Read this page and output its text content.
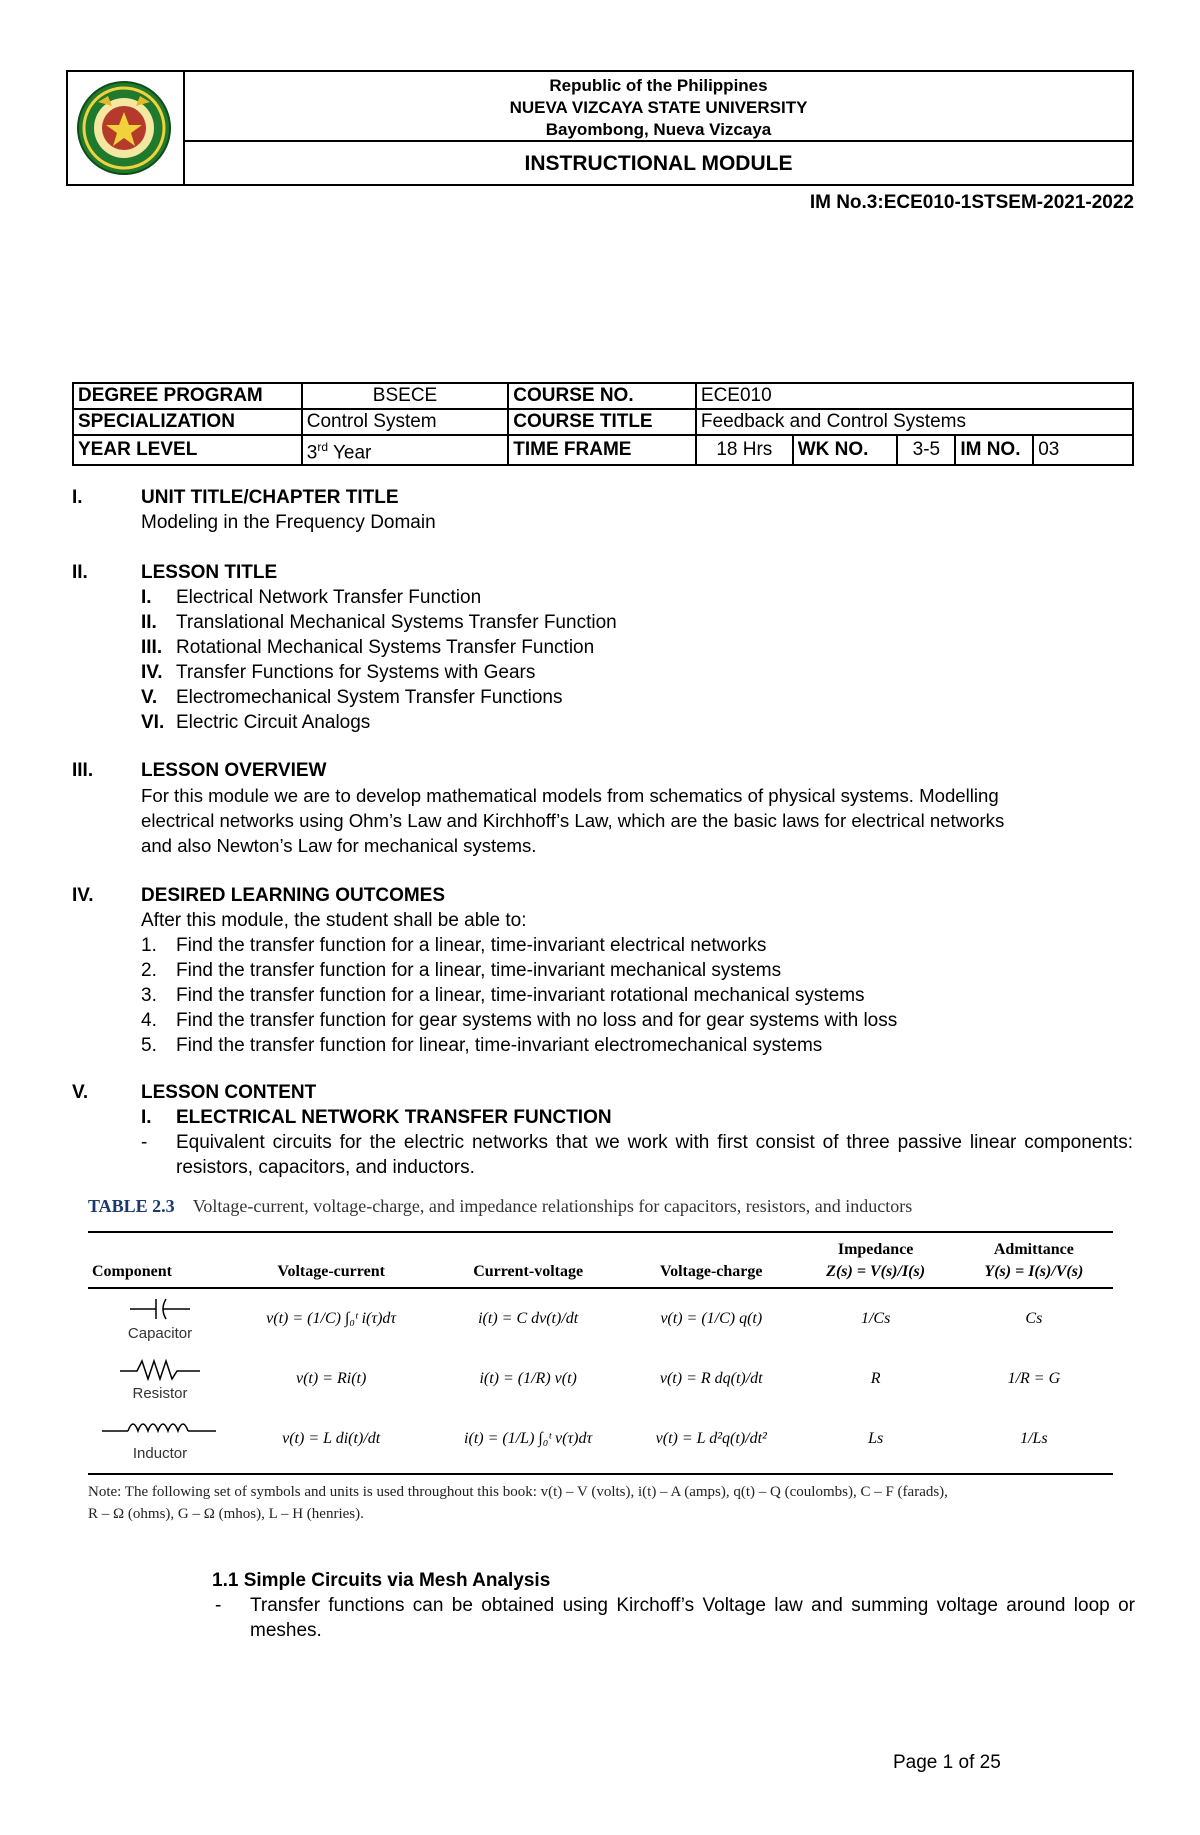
Republic of the Philippines
NUEVA VIZCAYA STATE UNIVERSITY
Bayombong, Nueva Vizcaya
INSTRUCTIONAL MODULE
IM No.3:ECE010-1STSEM-2021-2022
DEGREE PROGRAM	BSECE	COURSE NO.	ECE010				
SPECIALIZATION	Control System	COURSE TITLE	Feedback and Control Systems				
YEAR LEVEL	3rd Year	TIME FRAME	18 Hrs	WK NO.	3-5	IM NO.	03
I.	UNIT TITLE/CHAPTER TITLE
Modeling in the Frequency Domain
II.	LESSON TITLE
I.	Electrical Network Transfer Function
II.	Translational Mechanical Systems Transfer Function
III. Rotational Mechanical Systems Transfer Function
IV. Transfer Functions for Systems with Gears
V. Electromechanical System Transfer Functions
VI. Electric Circuit Analogs
III.	LESSON OVERVIEW
For this module we are to develop mathematical models from schematics of physical systems. Modelling
electrical networks using Ohm’s Law and Kirchhoff’s Law, which are the basic laws for electrical networks
and also Newton’s Law for mechanical systems.
IV.	DESIRED LEARNING OUTCOMES
After this module, the student shall be able to:
1.	Find the transfer function for a linear, time-invariant electrical networks
2.	Find the transfer function for a linear, time-invariant mechanical systems
3.	Find the transfer function for a linear, time-invariant rotational mechanical systems
4.	Find the transfer function for gear systems with no loss and for gear systems with loss
5.	Find the transfer function for linear, time-invariant electromechanical systems
V.	LESSON CONTENT
I.	ELECTRICAL NETWORK TRANSFER FUNCTION
-	Equivalent circuits for the electric networks that we work with first consist of three passive linear components: resistors, capacitors, and inductors.
TABLE 2.3 Voltage-current, voltage-charge, and impedance relationships for capacitors, resistors, and inductors

Component	Voltage-current	Current-voltage	Voltage-charge	Impedance	Admittance
				Z(s) = V(s)/I(s)	Y(s) = I(s)/V(s)

Capacitor	v(t) = (1/C) ∫₀ᵗ i(τ)dτ	i(t) = C dv(t)/dt	v(t) = (1/C) q(t)	1/Cs	Cs

Resistor	v(t) = Ri(t)	i(t) = (1/R) v(t)	v(t) = R dq(t)/dt	R	1/R = G

Inductor	v(t) = L di(t)/dt	i(t) = (1/L) ∫₀ᵗ v(τ)dτ	v(t) = L d²q(t)/dt²	Ls	1/Ls

Note: The following set of symbols and units is used throughout this book: v(t) – V (volts), i(t) – A (amps), q(t) – Q (coulombs), C – F (farads),
R – Ω (ohms), G – Ω (mhos), L – H (henries).
1.1 Simple Circuits via Mesh Analysis
-	Transfer functions can be obtained using Kirchoff’s Voltage law and summing voltage around loop or meshes.
Page 1 of 25
